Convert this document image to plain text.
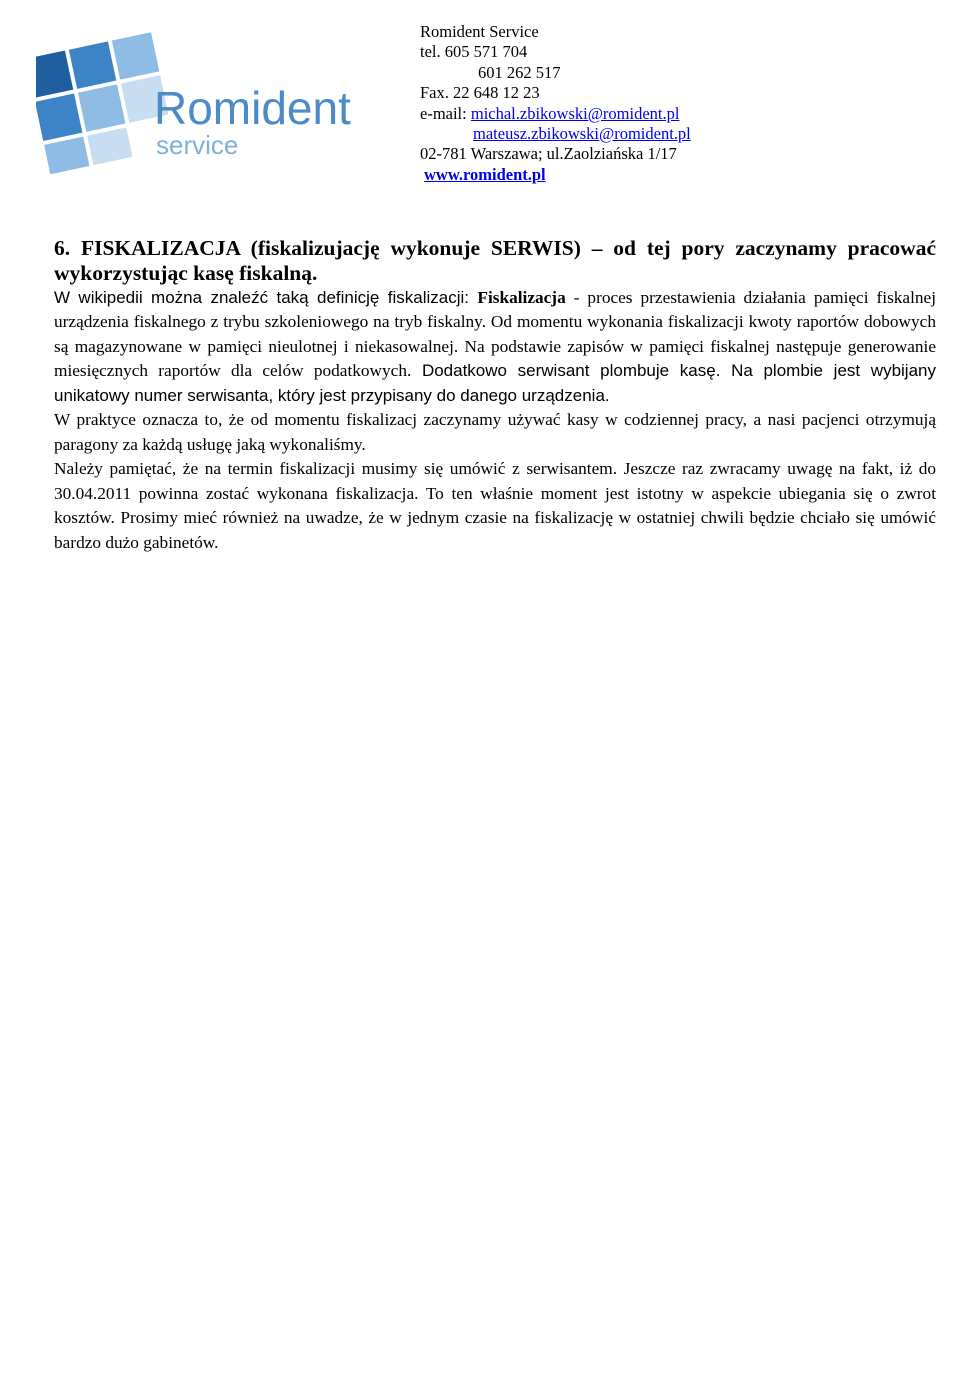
Romident
service
Romident Service
tel. 605 571 704
601 262 517
Fax. 22 648 12 23
e-mail: michal.zbikowski@romident.pl
mateusz.zbikowski@romident.pl
02-781 Warszawa; ul.Zaolziańska 1/17
www.romident.pl

6. FISKALIZACJA (fiskalizujację wykonuje SERWIS) – od tej pory zaczynamy pracować wykorzystując kasę fiskalną.

W wikipedii można znaleźć taką definicję fiskalizacji: Fiskalizacja - proces przestawienia działania pamięci fiskalnej urządzenia fiskalnego z trybu szkoleniowego na tryb fiskalny. Od momentu wykonania fiskalizacji kwoty raportów dobowych są magazynowane w pamięci nieulotnej i niekasowalnej. Na podstawie zapisów w pamięci fiskalnej następuje generowanie miesięcznych raportów dla celów podatkowych. Dodatkowo serwisant plombuje kasę. Na plombie jest wybijany unikatowy numer serwisanta, który jest przypisany do danego urządzenia.

W praktyce oznacza to, że od momentu fiskalizacj zaczynamy używać kasy w codziennej pracy, a nasi pacjenci otrzymują paragony za każdą usługę jaką wykonaliśmy.

Należy pamiętać, że na termin fiskalizacji musimy się umówić z serwisantem. Jeszcze raz zwracamy uwagę na fakt, iż do 30.04.2011 powinna zostać wykonana fiskalizacja. To ten właśnie moment jest istotny w aspekcie ubiegania się o zwrot kosztów. Prosimy mieć również na uwadze, że w jednym czasie na fiskalizację w ostatniej chwili będzie chciało się umówić bardzo dużo gabinetów.
